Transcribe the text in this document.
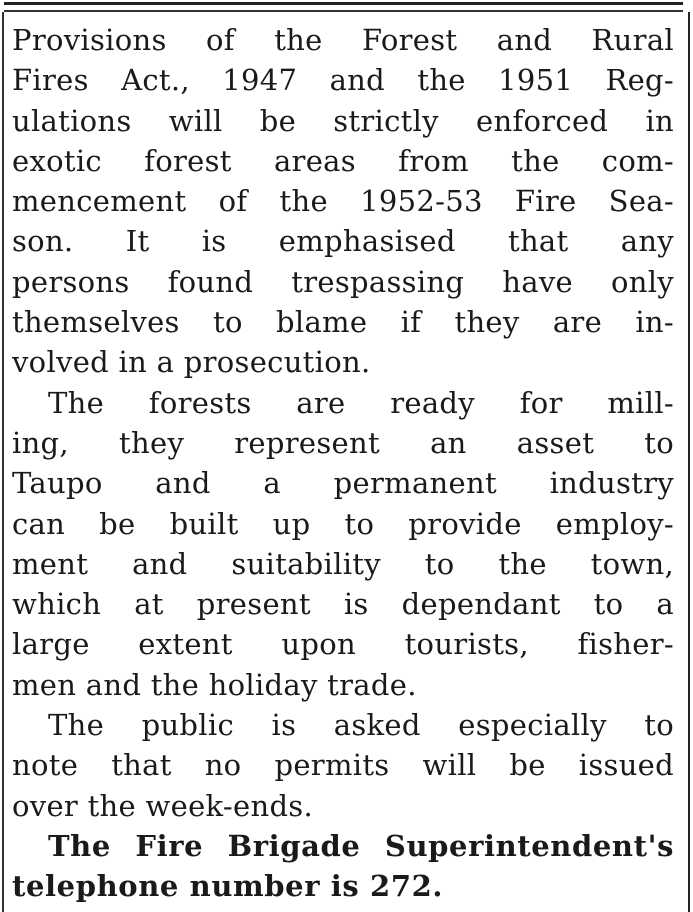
Provisions of the Forest and Rural
Fires Act., 1947 and the 1951 Reg-
ulations will be strictly enforced in
exotic forest areas from the com-
mencement of the 1952-53 Fire Sea-
son. It is emphasised that any
persons found trespassing have only
themselves to blame if they are in-
volved in a prosecution.
The forests are ready for mill-
ing, they represent an asset to
Taupo and a permanent industry
can be built up to provide employ-
ment and suitability to the town,
which at present is dependant to a
large extent upon tourists, fisher-
men and the holiday trade.
The public is asked especially to
note that no permits will be issued
over the week-ends.
The Fire Brigade Superintendent's
telephone number is 272.
